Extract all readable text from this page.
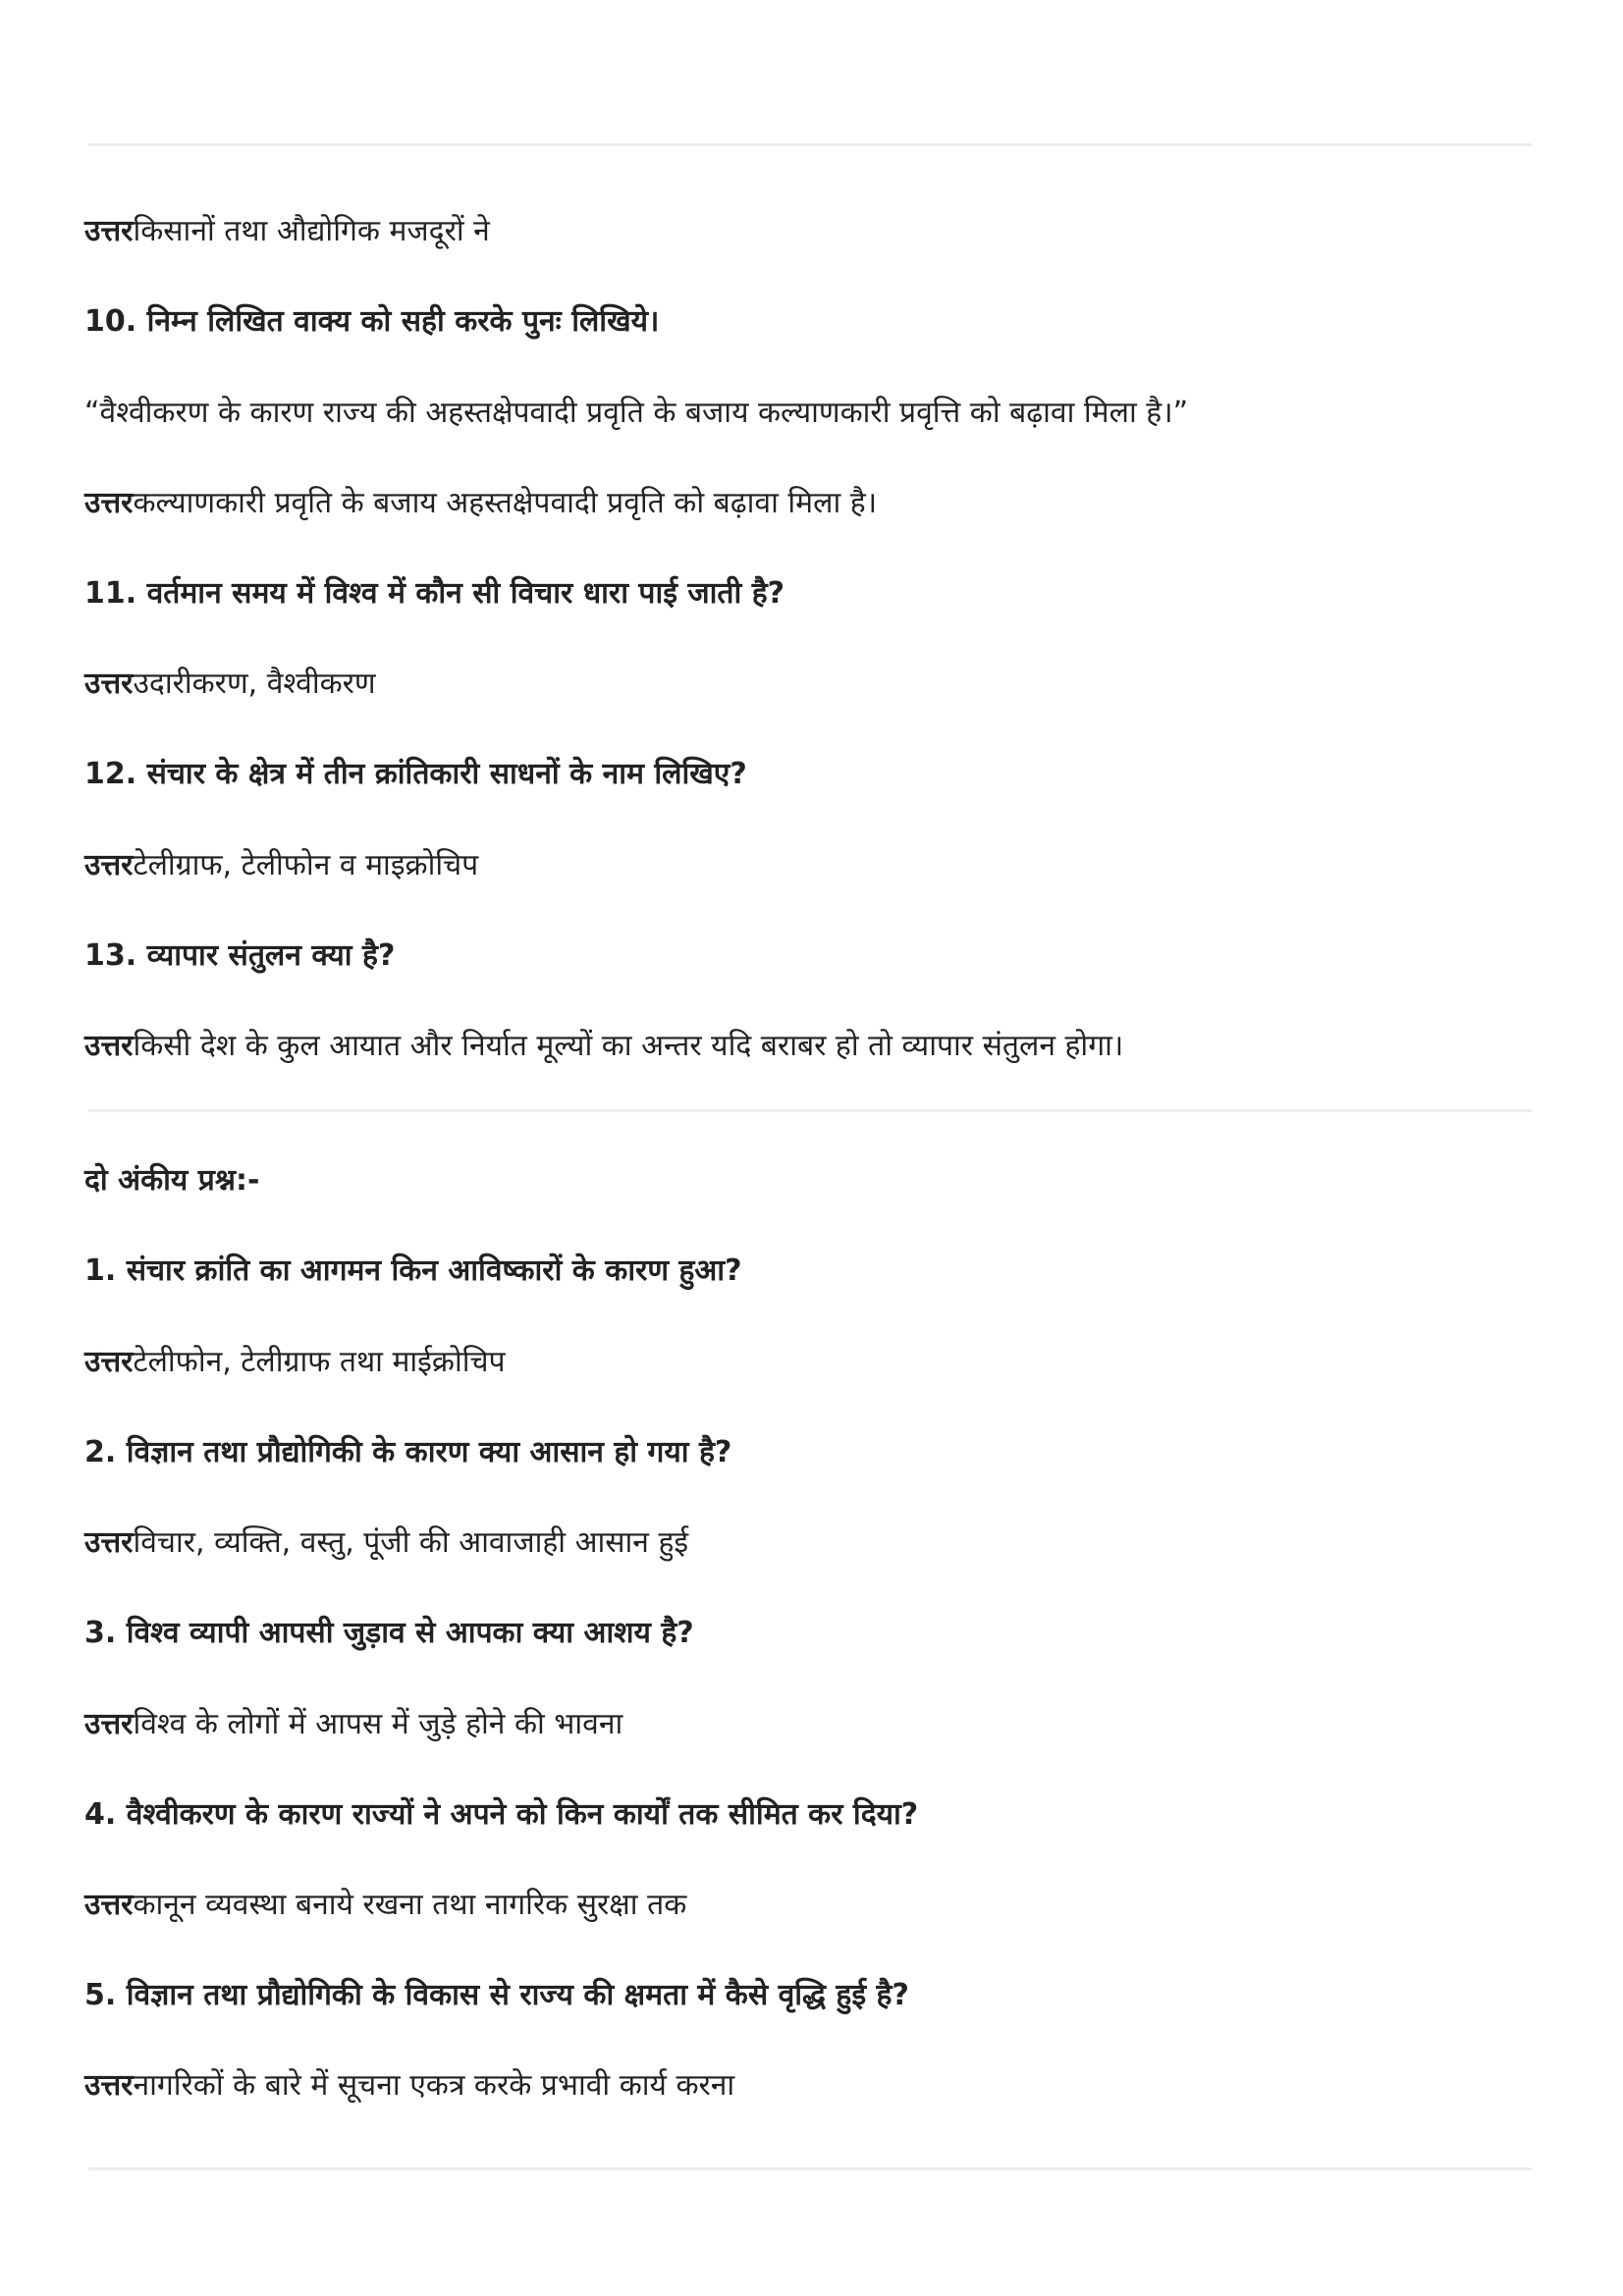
उत्तरकिसानों तथा औद्योगिक मजदूरों ने
10. निम्न लिखित वाक्य को सही करके पुनः लिखिये।
“वैश्वीकरण के कारण राज्य की अहस्तक्षेपवादी प्रवृति के बजाय कल्याणकारी प्रवृत्ति को बढ़ावा मिला है।”
उत्तरकल्याणकारी प्रवृति के बजाय अहस्तक्षेपवादी प्रवृति को बढ़ावा मिला है।
11. वर्तमान समय में विश्व में कौन सी विचार धारा पाई जाती है?
उत्तरउदारीकरण, वैश्वीकरण
12. संचार के क्षेत्र में तीन क्रांतिकारी साधनों के नाम लिखिए?
उत्तरटेलीग्राफ, टेलीफोन व माइक्रोचिप
13. व्यापार संतुलन क्या है?
उत्तरकिसी देश के कुल आयात और निर्यात मूल्यों का अन्तर यदि बराबर हो तो व्यापार संतुलन होगा।
दो अंकीय प्रश्न:-
1. संचार क्रांति का आगमन किन आविष्कारों के कारण हुआ?
उत्तरटेलीफोन, टेलीग्राफ तथा माईक्रोचिप
2. विज्ञान तथा प्रौद्योगिकी के कारण क्या आसान हो गया है?
उत्तरविचार, व्यक्ति, वस्तु, पूंजी की आवाजाही आसान हुई
3. विश्व व्यापी आपसी जुड़ाव से आपका क्या आशय है?
उत्तरविश्व के लोगों में आपस में जुड़े होने की भावना
4. वैश्वीकरण के कारण राज्यों ने अपने को किन कार्यों तक सीमित कर दिया?
उत्तरकानून व्यवस्था बनाये रखना तथा नागरिक सुरक्षा तक
5. विज्ञान तथा प्रौद्योगिकी के विकास से राज्य की क्षमता में कैसे वृद्धि हुई है?
उत्तरनागरिकों के बारे में सूचना एकत्र करके प्रभावी कार्य करना
